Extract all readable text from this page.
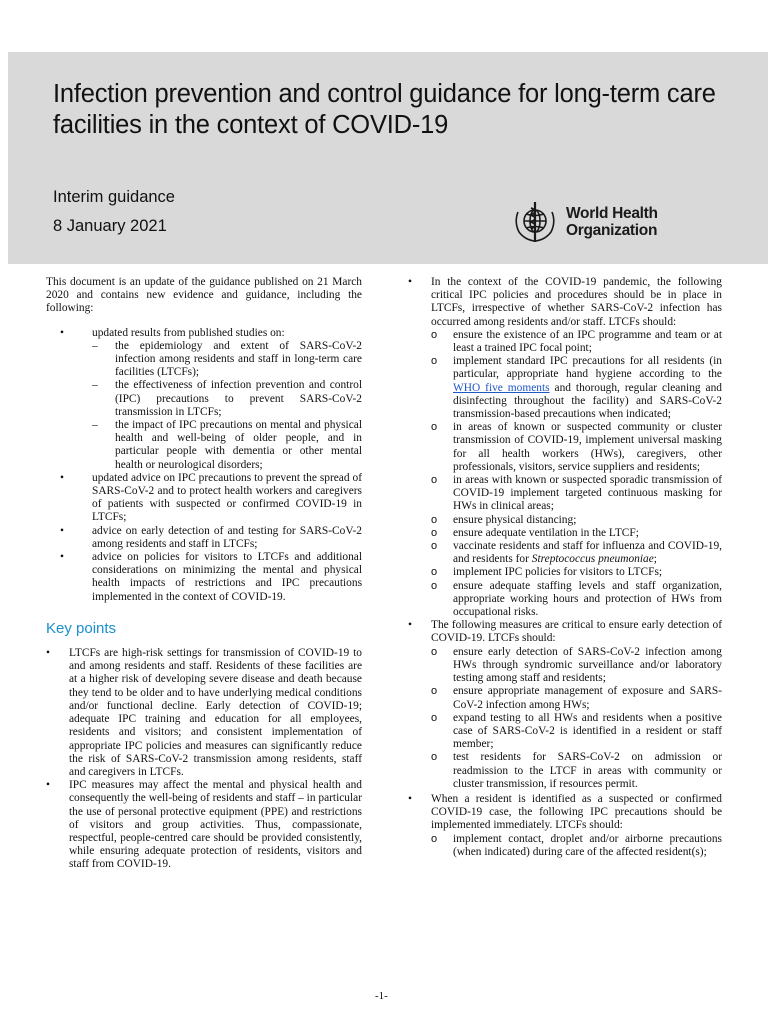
Infection prevention and control guidance for long-term care facilities in the context of COVID-19
Interim guidance
8 January 2021
World Health
Organization

This document is an update of the guidance published on 21 March 2020 and contains new evidence and guidance, including the following:

• updated results from published studies on:
– the epidemiology and extent of SARS-CoV-2 infection among residents and staff in long-term care facilities (LTCFs);
– the effectiveness of infection prevention and control (IPC) precautions to prevent SARS-CoV-2 transmission in LTCFs;
– the impact of IPC precautions on mental and physical health and well-being of older people, and in particular people with dementia or other mental health or neurological disorders;
• updated advice on IPC precautions to prevent the spread of SARS-CoV-2 and to protect health workers and caregivers of patients with suspected or confirmed COVID-19 in LTCFs;
• advice on early detection of and testing for SARS-CoV-2 among residents and staff in LTCFs;
• advice on policies for visitors to LTCFs and additional considerations on minimizing the mental and physical health impacts of restrictions and IPC precautions implemented in the context of COVID-19.
Key points
• LTCFs are high-risk settings for transmission of COVID-19 to and among residents and staff. Residents of these facilities are at a higher risk of developing severe disease and death because they tend to be older and to have underlying medical conditions and/or functional decline. Early detection of COVID-19; adequate IPC training and education for all employees, residents and visitors; and consistent implementation of appropriate IPC policies and measures can significantly reduce the risk of SARS-CoV-2 transmission among residents, staff and caregivers in LTCFs.
• IPC measures may affect the mental and physical health and consequently the well-being of residents and staff – in particular the use of personal protective equipment (PPE) and restrictions of visitors and group activities. Thus, compassionate, respectful, people-centred care should be provided consistently, while ensuring adequate protection of residents, visitors and staff from COVID-19.
• In the context of the COVID-19 pandemic, the following critical IPC policies and procedures should be in place in LTCFs, irrespective of whether SARS-CoV-2 infection has occurred among residents and/or staff. LTCFs should:
o ensure the existence of an IPC programme and team or at least a trained IPC focal point;
o implement standard IPC precautions for all residents (in particular, appropriate hand hygiene according to the WHO five moments and thorough, regular cleaning and disinfecting throughout the facility) and SARS-CoV-2 transmission-based precautions when indicated;
o in areas of known or suspected community or cluster transmission of COVID-19, implement universal masking for all health workers (HWs), caregivers, other professionals, visitors, service suppliers and residents;
o in areas with known or suspected sporadic transmission of COVID-19 implement targeted continuous masking for HWs in clinical areas;
o ensure physical distancing;
o ensure adequate ventilation in the LTCF;
o vaccinate residents and staff for influenza and COVID-19, and residents for Streptococcus pneumoniae;
o implement IPC policies for visitors to LTCFs;
o ensure adequate staffing levels and staff organization, appropriate working hours and protection of HWs from occupational risks.
• The following measures are critical to ensure early detection of COVID-19. LTCFs should:
o ensure early detection of SARS-CoV-2 infection among HWs through syndromic surveillance and/or laboratory testing among staff and residents;
o ensure appropriate management of exposure and SARS-CoV-2 infection among HWs;
o expand testing to all HWs and residents when a positive case of SARS-CoV-2 is identified in a resident or staff member;
o test residents for SARS-CoV-2 on admission or readmission to the LTCF in areas with community or cluster transmission, if resources permit.
• When a resident is identified as a suspected or confirmed COVID-19 case, the following IPC precautions should be implemented immediately. LTCFs should:
o implement contact, droplet and/or airborne precautions (when indicated) during care of the affected resident(s);
-1-
